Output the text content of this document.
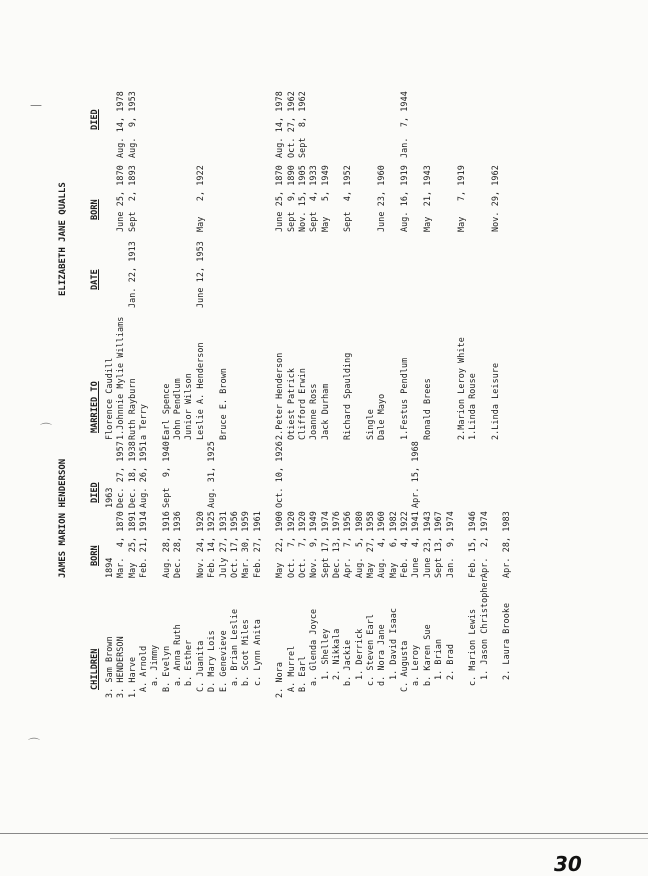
JAMES MARION HENDERSON
ELIZABETH JANE QUALLS
CHILDREN
BORN
DIED
MARRIED TO
DATE
BORN
DIED
3. Sam Brown
1894
1963
Florence Caudill
3. HENDERSON
Mar.  4, 1870
Dec. 27, 1957
1.Johnnie Mylie Williams
June 25, 1870
Aug. 14, 1978
1. Harve
May  25, 1891
Dec. 18, 1938
Ruth Rayburn
Jan. 22, 1913
Sept  2, 1893
Aug.  9, 1953
A. Arnold
Feb. 21, 1914
Aug. 26, 1951
a Terry
a. Jimmy B. Evelyn
Aug. 28, 1916
Sept  9, 1940
Earl Spence
a. Anna Ruth
Dec. 28, 1936
John Pendlum
b. Esther
Junior Wilson
C. Juanita
Nov. 24, 1920
Leslie A. Henderson
June 12, 1953
May   2, 1922
D. Mary Lois
Feb. 14, 1925
Aug. 31, 1925
E. Genevieve
July 27, 1931
Bruce E. Brown
a. Brian Leslie
Oct. 17, 1956
b. Scot Miles
Mar. 30, 1959
c. Lynn Anita
Feb. 27, 1961
2. Nora
May  22, 1900
Oct. 10, 1926
2.Peter Henderson
June 25, 1870
Aug. 14, 1978
A. Murrel
Oct.  7, 1920
Otiest Patrick
Sept  9, 1890
Oct. 27, 1962
B. Earl
Oct.  7, 1920
Clifford Erwin
Nov. 15, 1905
Sept  8, 1962
a. Glenda Joyce
Nov.  9, 1949
Joanne Ross
Sept  4, 1933
1. Shelley
Sept 17, 1974
Jack Durham
May   5, 1949
2. Nikkala
Dec. 13, 1976
b. Jackie
Apr.  7, 1956
Richard Spaulding
Sept  4, 1952
1. Derrick
Aug.  5, 1980
c. Steven Earl
May  27, 1958
Single
d. Nora Jane
Aug.  4, 1960
Dale Mayo
June 23, 1960
1. David Isaac
May   6, 1982
C. Augusta
Feb.  4, 1922
1.Festus Pendlum
Aug. 16, 1919
Jan.  7, 1944
a. Leroy
June  4, 1941
Apr. 15, 1968
b. Karen Sue
June 23, 1943
Ronald Brees
May  21, 1943
1. Brian
Sept 13, 1967
2. Brad
Jan.  9, 1974
2.Marion Leroy White
May   7, 1919
c. Marion Lewis
Feb. 15, 1946
1.Linda Rouse
1. Jason Christopher
Apr.  2, 1974
2.Linda Leisure
Nov. 29, 1962
2. Laura Brooke
Apr. 28, 1983
30
—
⌒
⌒
